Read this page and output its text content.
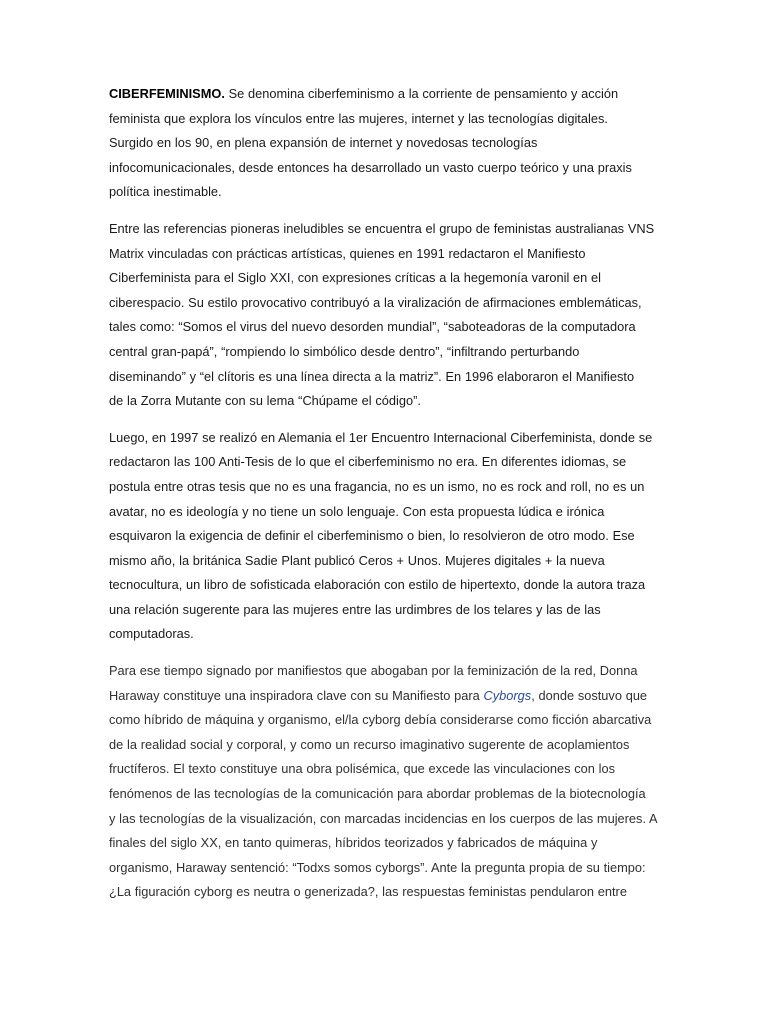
CIBERFEMINISMO. Se denomina ciberfeminismo a la corriente de pensamiento y acción
feminista que explora los vínculos entre las mujeres, internet y las tecnologías digitales.
Surgido en los 90, en plena expansión de internet y novedosas tecnologías
infocomunicacionales, desde entonces ha desarrollado un vasto cuerpo teórico y una praxis
política inestimable.

Entre las referencias pioneras ineludibles se encuentra el grupo de feministas australianas VNS
Matrix vinculadas con prácticas artísticas, quienes en 1991 redactaron el Manifiesto
Ciberfeminista para el Siglo XXI, con expresiones críticas a la hegemonía varonil en el
ciberespacio. Su estilo provocativo contribuyó a la viralización de afirmaciones emblemáticas,
tales como: “Somos el virus del nuevo desorden mundial”, “saboteadoras de la computadora
central gran-papá”, “rompiendo lo simbólico desde dentro”, “infiltrando perturbando
diseminando” y “el clítoris es una línea directa a la matriz”. En 1996 elaboraron el Manifiesto
de la Zorra Mutante con su lema “Chúpame el código”.

Luego, en 1997 se realizó en Alemania el 1er Encuentro Internacional Ciberfeminista, donde se
redactaron las 100 Anti-Tesis de lo que el ciberfeminismo no era. En diferentes idiomas, se
postula entre otras tesis que no es una fragancia, no es un ismo, no es rock and roll, no es un
avatar, no es ideología y no tiene un solo lenguaje. Con esta propuesta lúdica e irónica
esquivaron la exigencia de definir el ciberfeminismo o bien, lo resolvieron de otro modo. Ese
mismo año, la británica Sadie Plant publicó Ceros + Unos. Mujeres digitales + la nueva
tecnocultura, un libro de sofisticada elaboración con estilo de hipertexto, donde la autora traza
una relación sugerente para las mujeres entre las urdimbres de los telares y las de las
computadoras.

Para ese tiempo signado por manifiestos que abogaban por la feminización de la red, Donna
Haraway constituye una inspiradora clave con su Manifiesto para Cyborgs, donde sostuvo que
como híbrido de máquina y organismo, el/la cyborg debía considerarse como ficción abarcativa
de la realidad social y corporal, y como un recurso imaginativo sugerente de acoplamientos
fructíferos. El texto constituye una obra polisémica, que excede las vinculaciones con los
fenómenos de las tecnologías de la comunicación para abordar problemas de la biotecnología
y las tecnologías de la visualización, con marcadas incidencias en los cuerpos de las mujeres. A
finales del siglo XX, en tanto quimeras, híbridos teorizados y fabricados de máquina y
organismo, Haraway sentenció: “Todxs somos cyborgs”. Ante la pregunta propia de su tiempo:
¿La figuración cyborg es neutra o generizada?, las respuestas feministas pendularon entre
